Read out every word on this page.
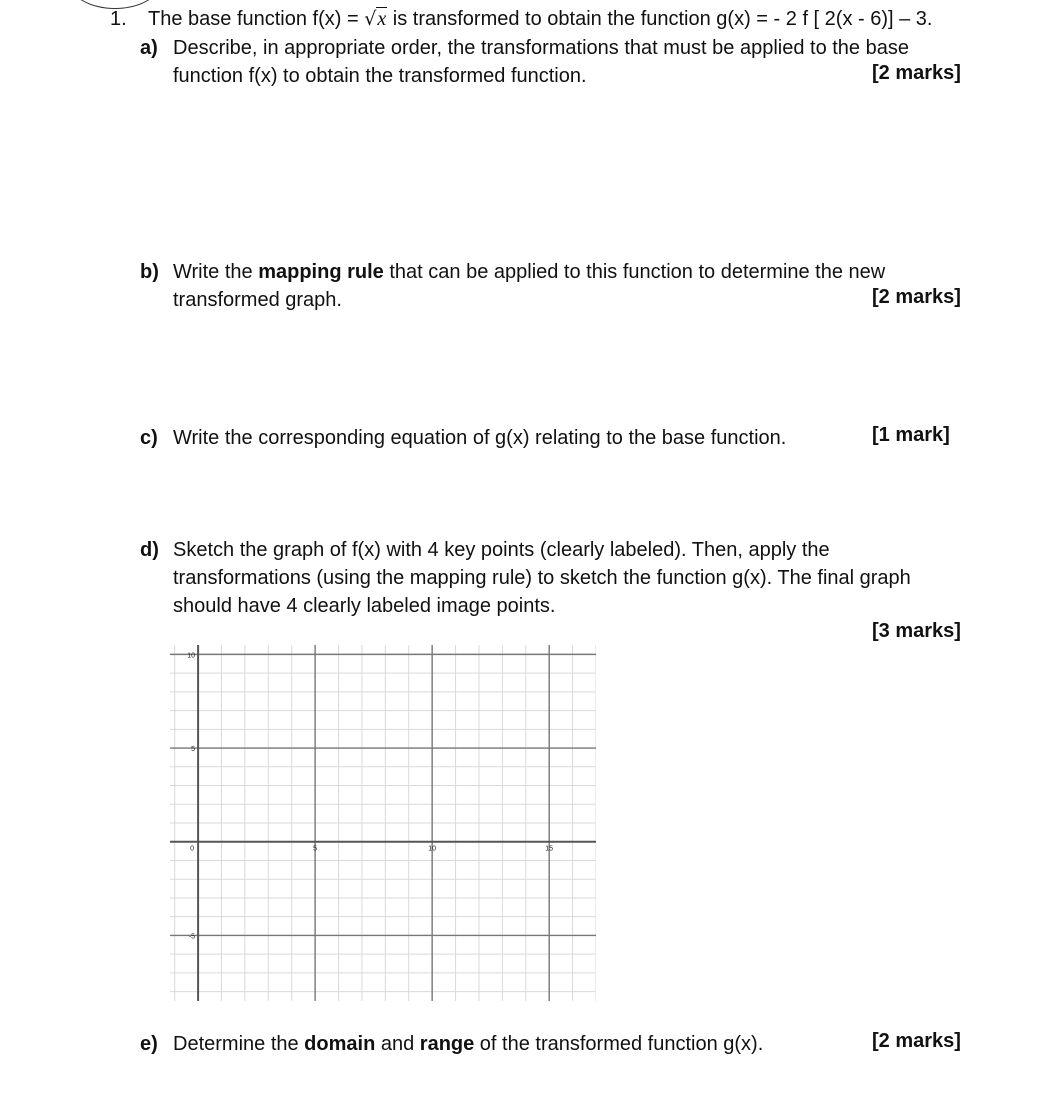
1. The base function f(x) = √x is transformed to obtain the function g(x) = - 2 f [ 2(x - 6)] – 3.
a) Describe, in appropriate order, the transformations that must be applied to the base
function f(x) to obtain the transformed function.	[2 marks]
b) Write the mapping rule that can be applied to this function to determine the new
transformed graph.	[2 marks]
c) Write the corresponding equation of g(x) relating to the base function.	[1 mark]
d) Sketch the graph of f(x) with 4 key points (clearly labeled). Then, apply the
transformations (using the mapping rule) to sketch the function g(x). The final graph
should have 4 clearly labeled image points.
[3 marks]
0	5	10	15
10
5
-5
e) Determine the domain and range of the transformed function g(x).	[2 marks]
